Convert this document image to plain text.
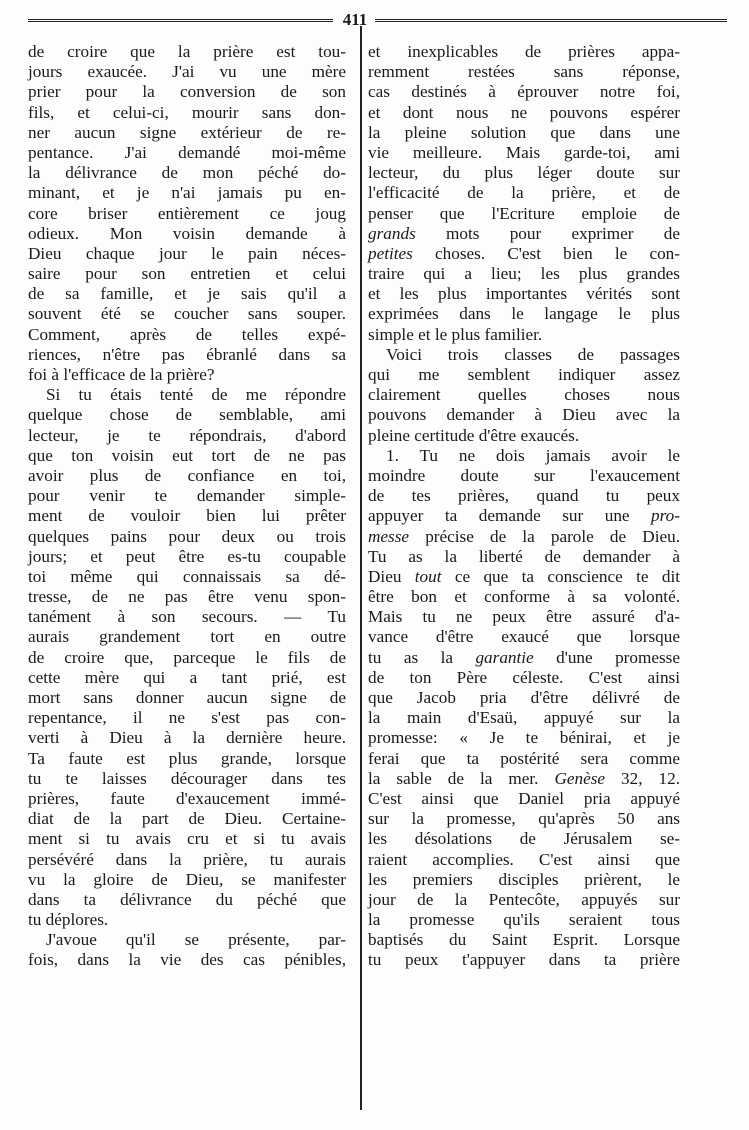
411
de croire que la prière est tou-
jours exaucée. J'ai vu une mère
prier pour la conversion de son
fils, et celui-ci, mourir sans don-
ner aucun signe extérieur de re-
pentance. J'ai demandé moi-même
la délivrance de mon péché do-
minant, et je n'ai jamais pu en-
core briser entièrement ce joug
odieux. Mon voisin demande à
Dieu chaque jour le pain néces-
saire pour son entretien et celui
de sa famille, et je sais qu'il a
souvent été se coucher sans souper.
Comment, après de telles expé-
riences, n'être pas ébranlé dans sa
foi à l'efficace de la prière?
Si tu étais tenté de me répondre
quelque chose de semblable, ami
lecteur, je te répondrais, d'abord
que ton voisin eut tort de ne pas
avoir plus de confiance en toi,
pour venir te demander simple-
ment de vouloir bien lui prêter
quelques pains pour deux ou trois
jours; et peut être es-tu coupable
toi même qui connaissais sa dé-
tresse, de ne pas être venu spon-
tanément à son secours. — Tu
aurais grandement tort en outre
de croire que, parceque le fils de
cette mère qui a tant prié, est
mort sans donner aucun signe de
repentance, il ne s'est pas con-
verti à Dieu à la dernière heure.
Ta faute est plus grande, lorsque
tu te laisses décourager dans tes
prières, faute d'exaucement immé-
diat de la part de Dieu. Certaine-
ment si tu avais cru et si tu avais
persévéré dans la prière, tu aurais
vu la gloire de Dieu, se manifester
dans ta délivrance du péché que
tu déplores.
J'avoue qu'il se présente, par-
fois, dans la vie des cas pénibles,
et inexplicables de prières appa-
remment restées sans réponse,
cas destinés à éprouver notre foi,
et dont nous ne pouvons espérer
la pleine solution que dans une
vie meilleure. Mais garde-toi, ami
lecteur, du plus léger doute sur
l'efficacité de la prière, et de
penser que l'Ecriture emploie de
grands mots pour exprimer de
petites choses. C'est bien le con-
traire qui a lieu; les plus grandes
et les plus importantes vérités sont
exprimées dans le langage le plus
simple et le plus familier.
Voici trois classes de passages
qui me semblent indiquer assez
clairement quelles choses nous
pouvons demander à Dieu avec la
pleine certitude d'être exaucés.
1. Tu ne dois jamais avoir le
moindre doute sur l'exaucement
de tes prières, quand tu peux
appuyer ta demande sur une pro-
messe précise de la parole de Dieu.
Tu as la liberté de demander à
Dieu tout ce que ta conscience te dit
être bon et conforme à sa volonté.
Mais tu ne peux être assuré d'a-
vance d'être exaucé que lorsque
tu as la garantie d'une promesse
de ton Père céleste. C'est ainsi
que Jacob pria d'être délivré de
la main d'Esaü, appuyé sur la
promesse: « Je te bénirai, et je
ferai que ta postérité sera comme
la sable de la mer. Genèse 32, 12.
C'est ainsi que Daniel pria appuyé
sur la promesse, qu'après 50 ans
les désolations de Jérusalem se-
raient accomplies. C'est ainsi que
les premiers disciples prièrent, le
jour de la Pentecôte, appuyés sur
la promesse qu'ils seraient tous
baptisés du Saint Esprit. Lorsque
tu peux t'appuyer dans ta prière
